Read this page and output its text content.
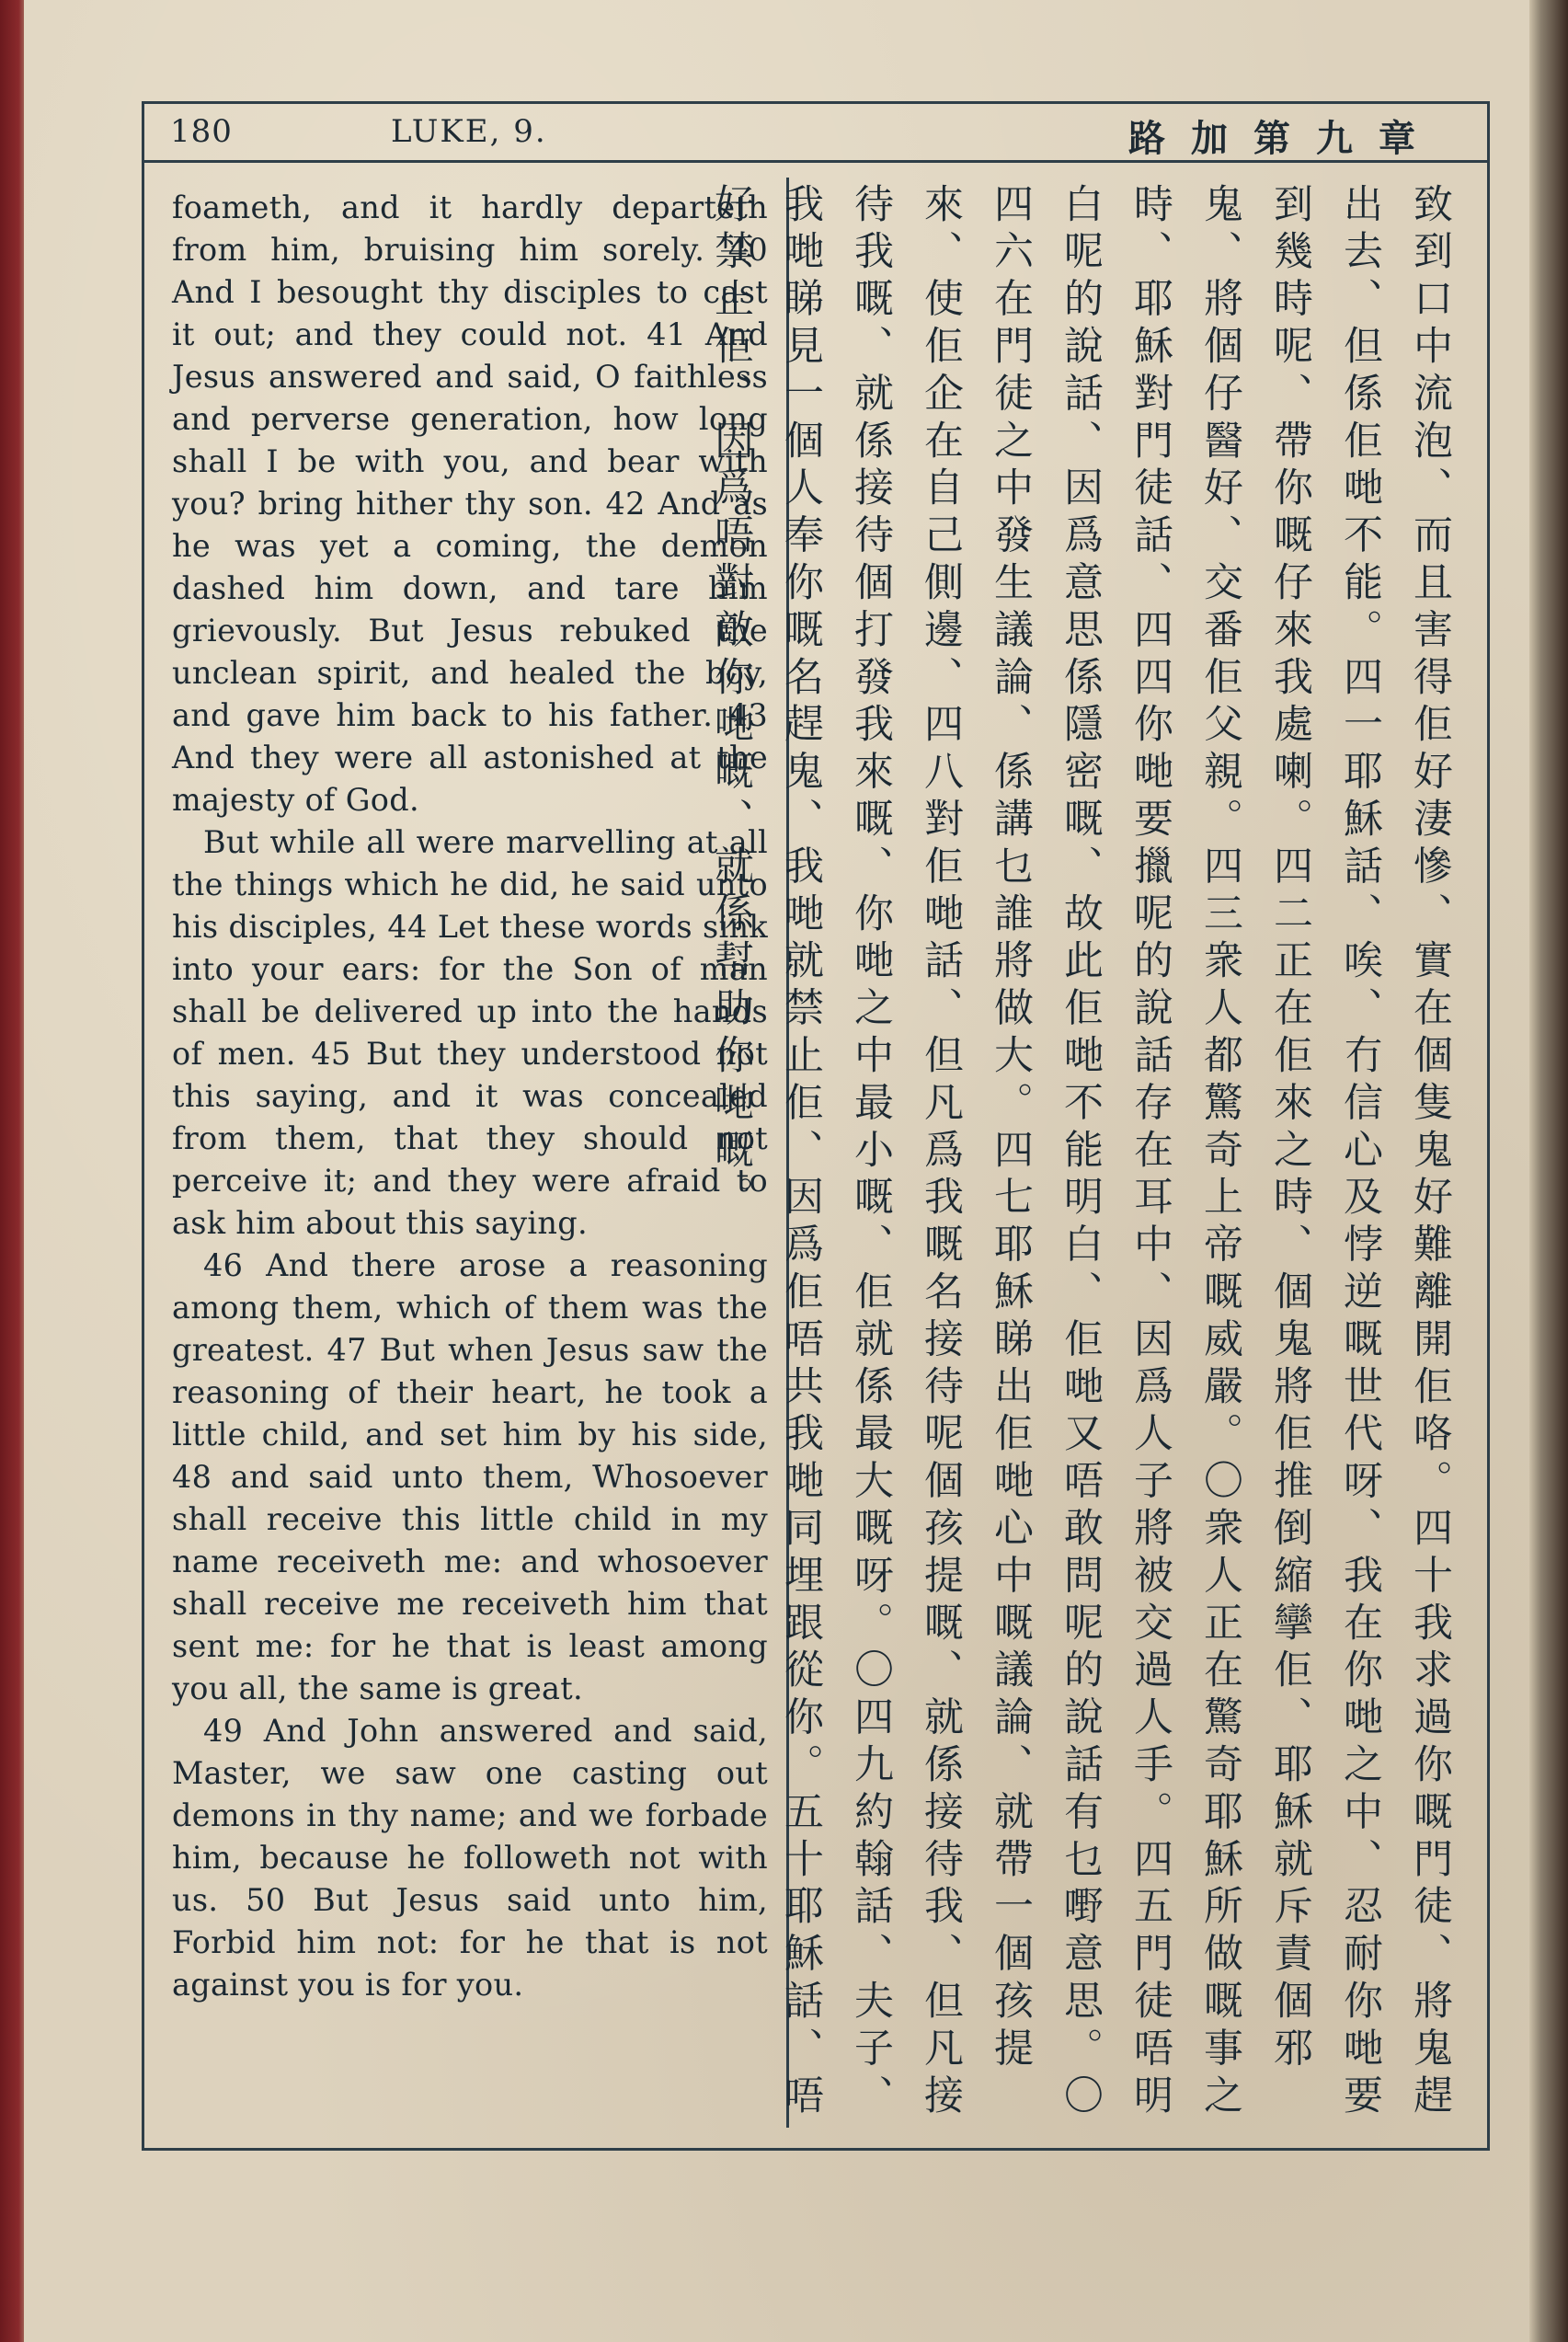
180	LUKE, 9.	路加第九章

foameth, and it hardly departeth from him, bruising him sorely. 40 And I besought thy disciples to cast it out; and they could not. 41 And Jesus answered and said, O faithless and perverse generation, how long shall I be with you, and bear with you? bring hither thy son. 42 And as he was yet a coming, the demon dashed him down, and tare him grievously. But Jesus rebuked the unclean spirit, and healed the boy, and gave him back to his father. 43 And they were all astonished at the majesty of God.

But while all were marvelling at all the things which he did, he said unto his disciples, 44 Let these words sink into your ears: for the Son of man shall be delivered up into the hands of men. 45 But they understood not this saying, and it was concealed from them, that they should not perceive it; and they were afraid to ask him about this saying.

46 And there arose a reasoning among them, which of them was the greatest. 47 But when Jesus saw the reasoning of their heart, he took a little child, and set him by his side, 48 and said unto them, Whosoever shall receive this little child in my name receiveth me: and whosoever shall receive me receiveth him that sent me: for he that is least among you all, the same is great.

49 And John answered and said, Master, we saw one casting out demons in thy name; and we forbade him, because he followeth not with us. 50 But Jesus said unto him, Forbid him not: for he that is not against you is for you.	致到口中流泡、而且害得佢好淒慘、實在個隻鬼好難離開佢咯。四十我求過你嘅門徒、將鬼趕出去、但係佢哋不能。四一耶穌話、唉、冇信心及悖逆嘅世代呀、我在你哋之中、忍耐你哋要到幾時呢、帶你嘅仔來我處喇。四二正在佢來之時、個鬼將佢推倒縮攣佢、耶穌就斥責個邪鬼、將個仔醫好、交番佢父親。四三衆人都驚奇上帝嘅威嚴。〇衆人正在驚奇耶穌所做嘅事之時、耶穌對門徒話、四四你哋要擸呢的說話存在耳中、因爲人子將被交過人手。四五門徒唔明白呢的說話、因爲意思係隱密嘅、故此佢哋不能明白、佢哋又唔敢問呢的說話有乜嘢意思。〇四六在門徒之中發生議論、係講乜誰將做大。四七耶穌睇出佢哋心中嘅議論、就帶一個孩提來、使佢企在自己側邊、四八對佢哋話、但凡爲我嘅名接待呢個孩提嘅、就係接待我、但凡接待我嘅、就係接待個打發我來嘅、你哋之中最小嘅、佢就係最大嘅呀。〇四九約翰話、夫子、我哋睇見一個人奉你嘅名趕鬼、我哋就禁止佢、因爲佢唔共我哋同埋跟從你。五十耶穌話、唔好禁止佢、因爲唔對敵你哋嘅、就係幇助你哋嘅。
